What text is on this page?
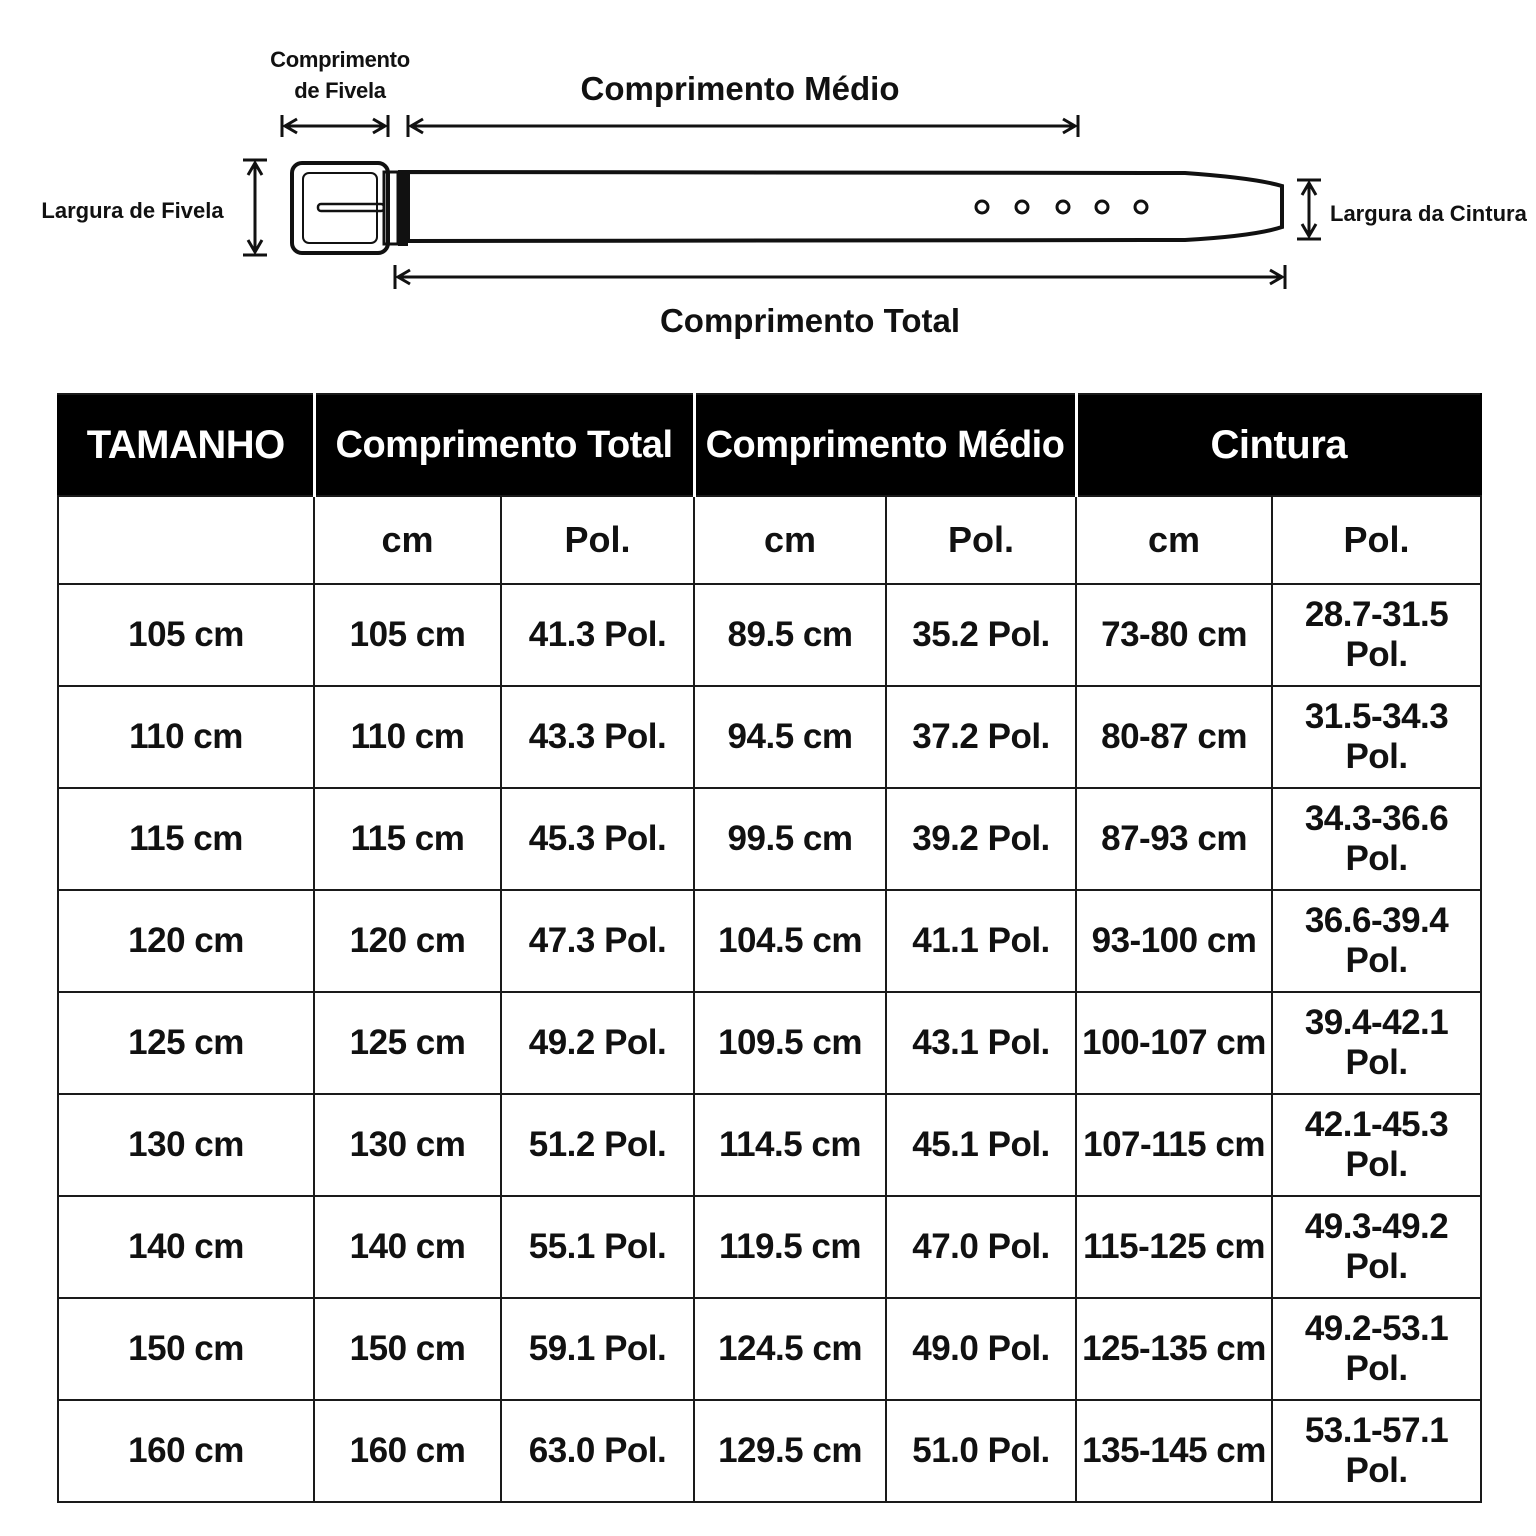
Comprimento
de Fivela	Comprimento Médio
Largura de Fivela	Largura da Cintura
Comprimento Total
TAMANHO	Comprimento Total		Comprimento Médio		Cintura	
	cm	Pol.	cm	Pol.	cm	Pol.
105 cm	105 cm	41.3 Pol.	89.5 cm	35.2 Pol.	73-80 cm	28.7-31.5 Pol.
110 cm	110 cm	43.3 Pol.	94.5 cm	37.2 Pol.	80-87 cm	31.5-34.3 Pol.
115 cm	115 cm	45.3 Pol.	99.5 cm	39.2 Pol.	87-93 cm	34.3-36.6 Pol.
120 cm	120 cm	47.3 Pol.	104.5 cm	41.1 Pol.	93-100 cm	36.6-39.4 Pol.
125 cm	125 cm	49.2 Pol.	109.5 cm	43.1 Pol.	100-107 cm	39.4-42.1 Pol.
130 cm	130 cm	51.2 Pol.	114.5 cm	45.1 Pol.	107-115 cm	42.1-45.3 Pol.
140 cm	140 cm	55.1 Pol.	119.5 cm	47.0 Pol.	115-125 cm	49.3-49.2 Pol.
150 cm	150 cm	59.1 Pol.	124.5 cm	49.0 Pol.	125-135 cm	49.2-53.1 Pol.
160 cm	160 cm	63.0 Pol.	129.5 cm	51.0 Pol.	135-145 cm	53.1-57.1 Pol.
